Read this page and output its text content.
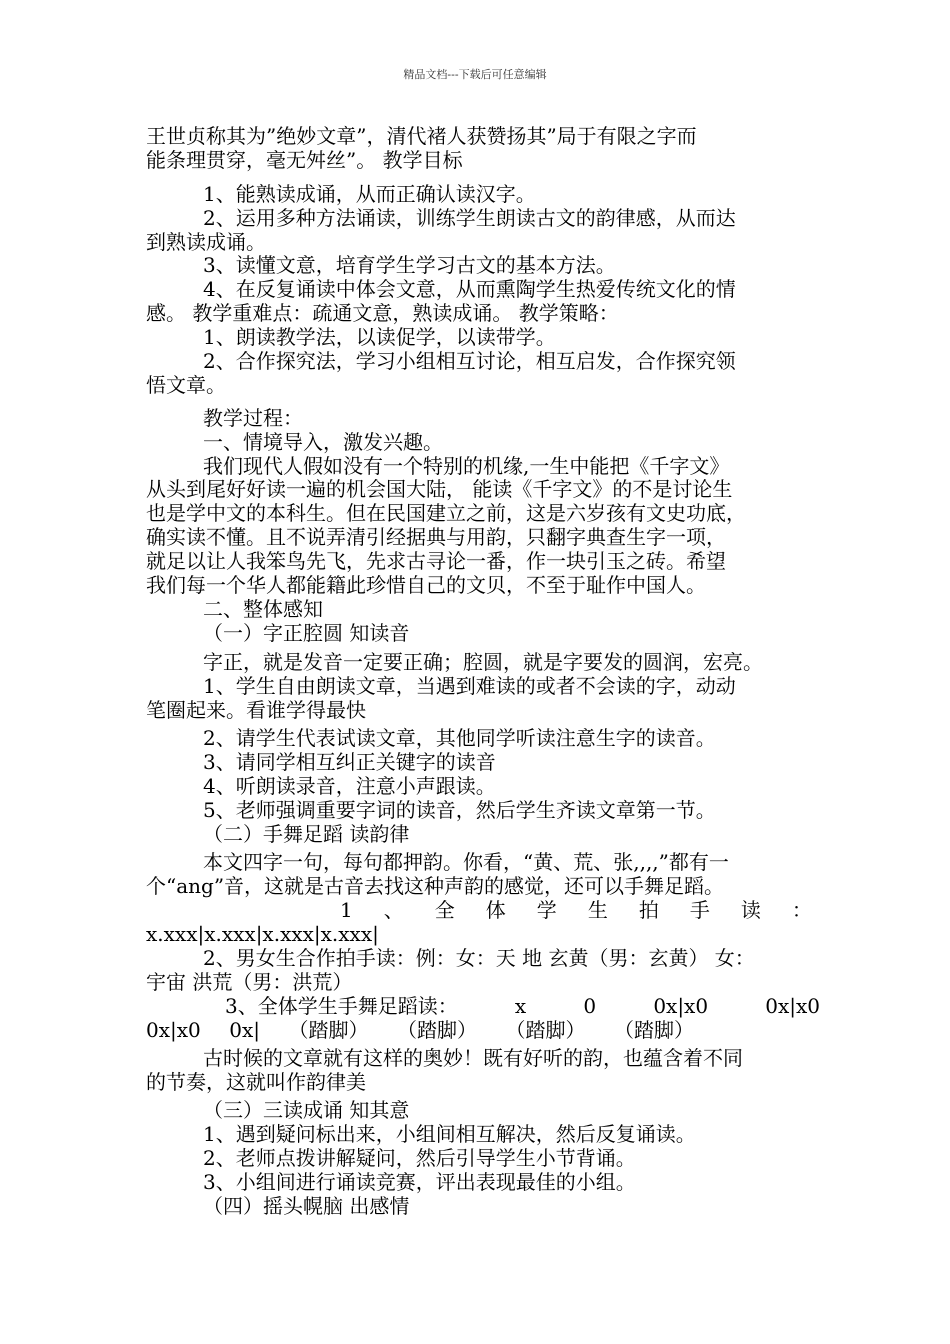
精品文档---下载后可任意编辑
王世贞称其为”绝妙文章”，清代褚人获赞扬其”局于有限之字而
能条理贯穿，毫无舛丝”。 教学目标
1、能熟读成诵，从而正确认读汉字。
2、运用多种方法诵读，训练学生朗读古文的韵律感，从而达
到熟读成诵。
3、读懂文意，培育学生学习古文的基本方法。
4、在反复诵读中体会文意，从而熏陶学生热爱传统文化的情
感。 教学重难点：疏通文意，熟读成诵。 教学策略：
1、朗读教学法，以读促学，以读带学。
2、合作探究法，学习小组相互讨论，相互启发，合作探究领
悟文章。
教学过程：
一、情境导入，激发兴趣。
我们现代人假如没有一个特别的机缘,一生中能把《千字文》
从头到尾好好读一遍的机会国大陆， 能读《千字文》的不是讨论生
也是学中文的本科生。但在民国建立之前，这是六岁孩有文史功底，
确实读不懂。且不说弄清引经据典与用韵，只翻字典查生字一项，
就足以让人我笨鸟先飞，先求古寻论一番，作一块引玉之砖。希望
我们每一个华人都能籍此珍惜自己的文贝，不至于耻作中国人。
二、整体感知
（一）字正腔圆 知读音
字正，就是发音一定要正确；腔圆，就是字要发的圆润，宏亮。
1、学生自由朗读文章，当遇到难读的或者不会读的字，动动
笔圈起来。看谁学得最快
2、请学生代表试读文章，其他同学听读注意生字的读音。
3、请同学相互纠正关键字的读音
4、听朗读录音，注意小声跟读。
5、老师强调重要字词的读音，然后学生齐读文章第一节。
（二）手舞足蹈 读韵律
本文四字一句，每句都押韵。你看，“黄、荒、张,,,,”都有一
个“ang”音，这就是古音去找这种声韵的感觉，还可以手舞足蹈。
1 、 全 体 学 生 拍 手 读 ：
x.xxx|x.xxx|x.xxx|x.xxx|
2、男女生合作拍手读：例：女：天 地 玄黄（男：玄黄） 女：
宇宙 洪荒（男：洪荒）
3、全体学生手舞足蹈读：	x	0	0x|x0	0x|x0
0x|x0 0x| （踏脚） （踏脚） （踏脚） （踏脚）
古时候的文章就有这样的奥妙！既有好听的韵，也蕴含着不同
的节奏，这就叫作韵律美
（三）三读成诵 知其意
1、遇到疑问标出来，小组间相互解决，然后反复诵读。
2、老师点拨讲解疑问，然后引导学生小节背诵。
3、小组间进行诵读竞赛，评出表现最佳的小组。
（四）摇头幌脑 出感情
